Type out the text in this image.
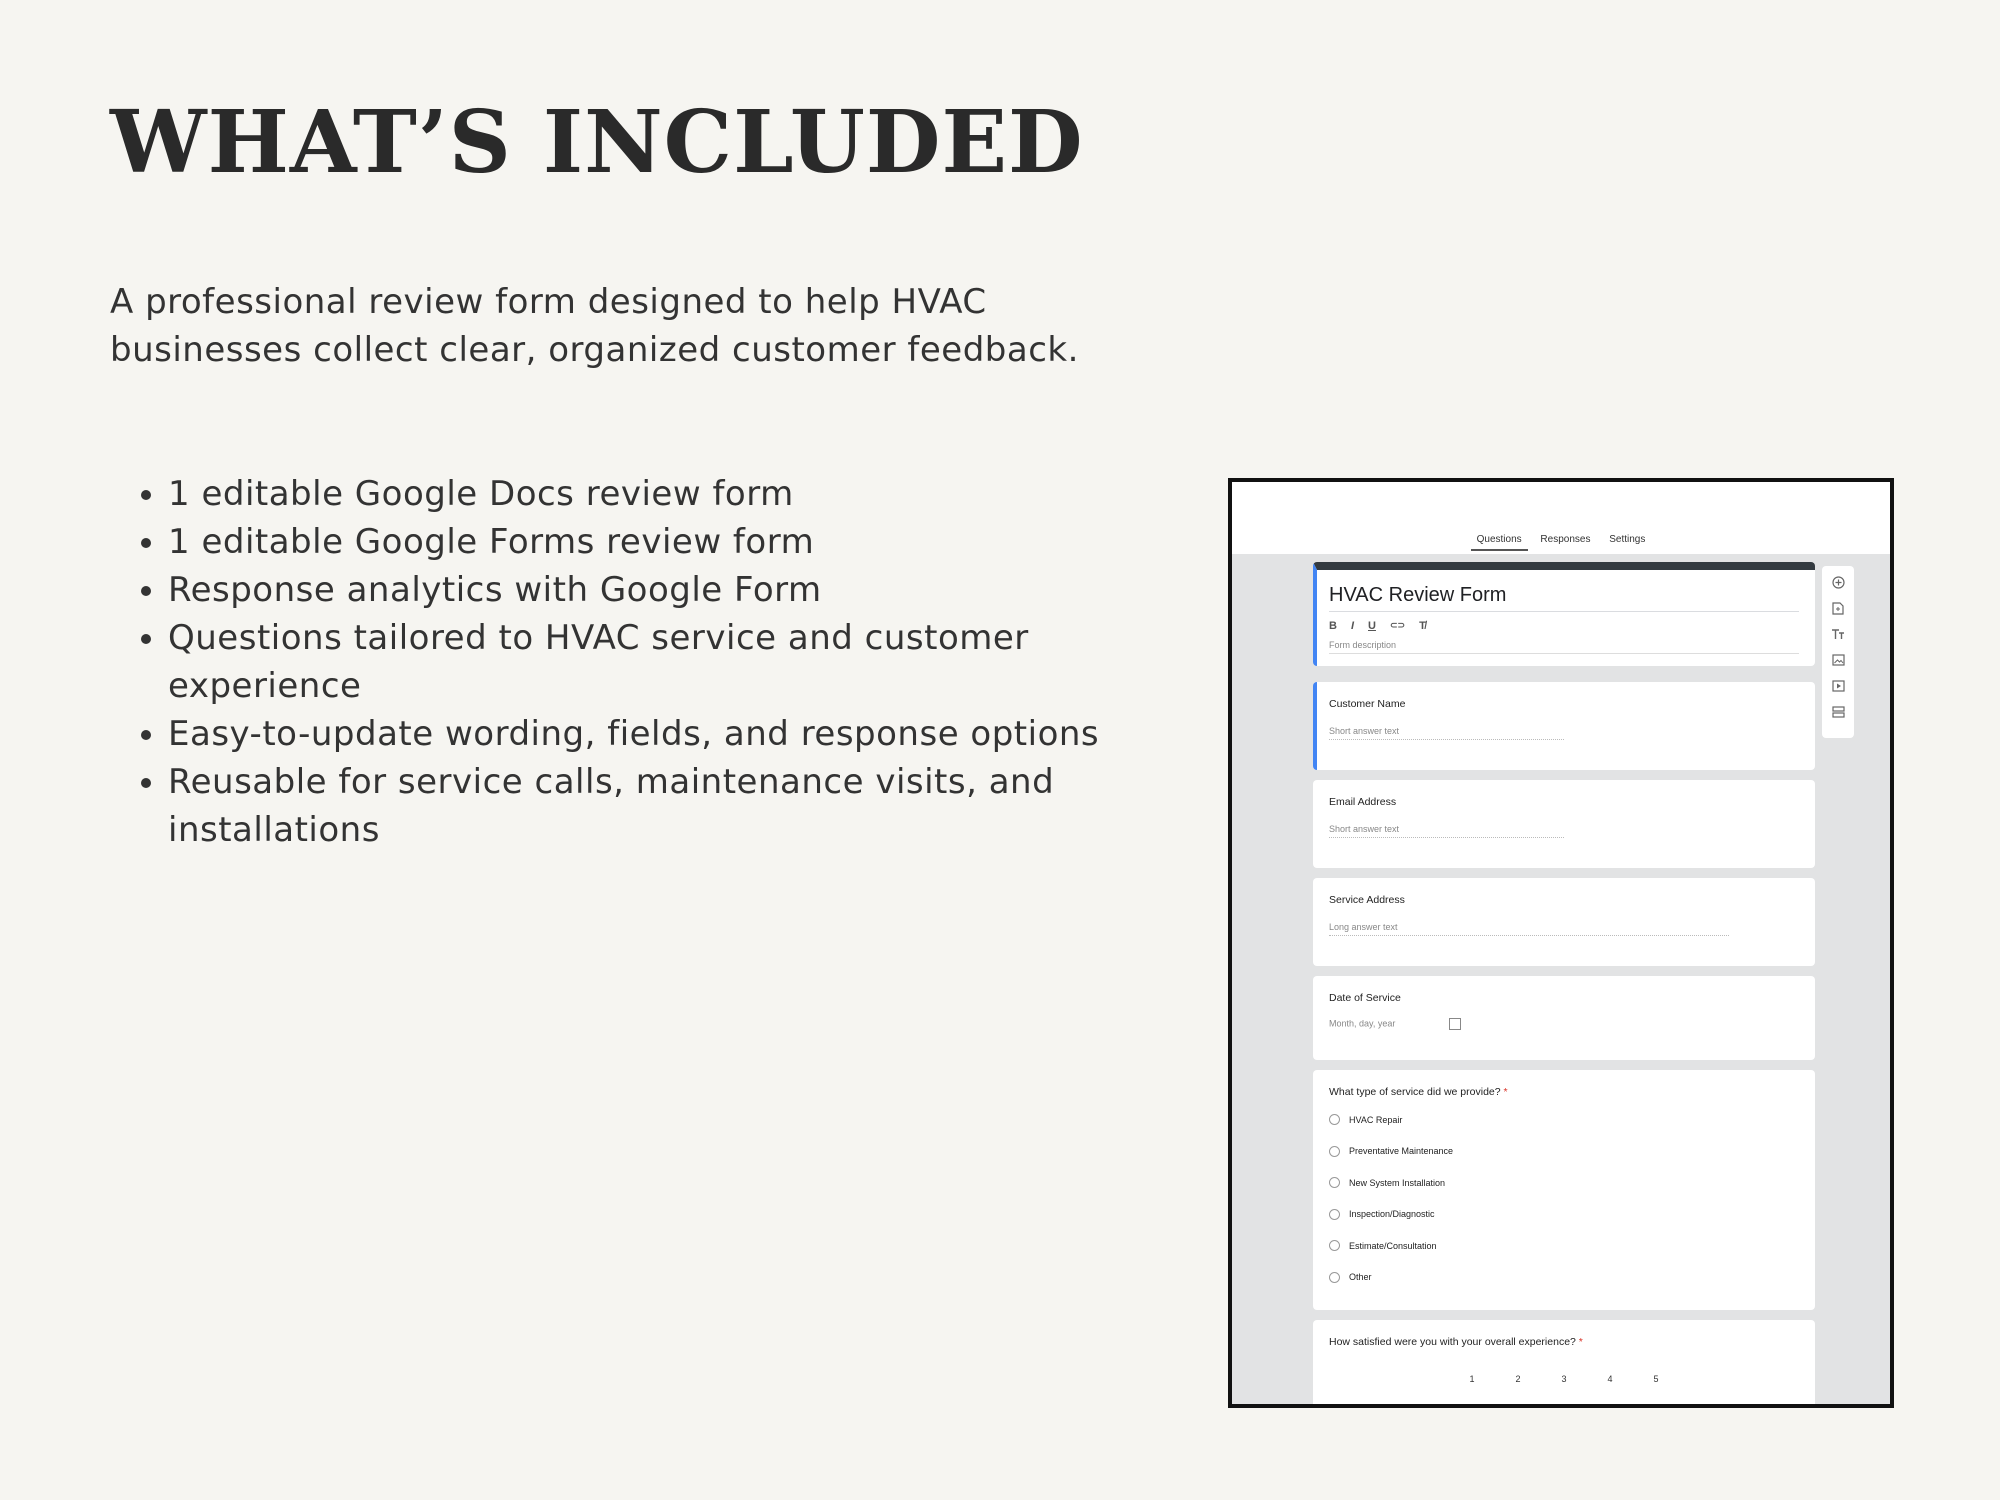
WHAT’S INCLUDED
A professional review form designed to help HVAC businesses collect clear, organized customer feedback.
• 1 editable Google Docs review form
• 1 editable Google Forms review form
• Response analytics with Google Form
• Questions tailored to HVAC service and customer experience
• Easy-to-update wording, fields, and response options
• Reusable for service calls, maintenance visits, and installations
Questions Responses Settings
HVAC Review Form
B I U ⊂⊃ T̸
Form description
Customer Name
Short answer text
Email Address
Short answer text
Service Address
Long answer text
Date of Service
Month, day, year
What type of service did we provide? *
HVAC Repair
Preventative Maintenance
New System Installation
Inspection/Diagnostic
Estimate/Consultation
Other
How satisfied were you with your overall experience? *
1	2	3	4	5
